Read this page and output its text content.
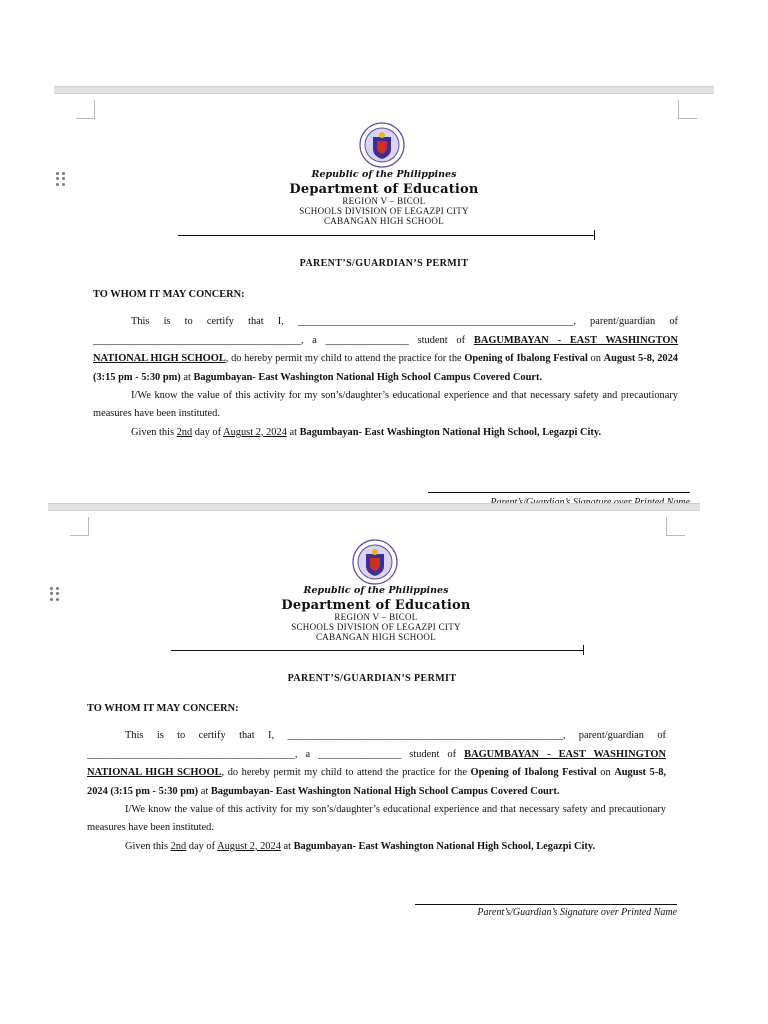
Republic of the Philippines
Department of Education
REGION V – BICOL
SCHOOLS DIVISION OF LEGAZPI CITY
CABANGAN HIGH SCHOOL
PARENT’S/GUARDIAN’S PERMIT

TO WHOM IT MAY CONCERN:

This is to certify that I, _____________________________________________________, parent/guardian of ________________________________________, a ________________ student of BAGUMBAYAN - EAST WASHINGTON NATIONAL HIGH SCHOOL, do hereby permit my child to attend the practice for the Opening of Ibalong Festival on August 5-8, 2024 (3:15 pm - 5:30 pm) at Bagumbayan- East Washington National High School Campus Covered Court.

I/We know the value of this activity for my son’s/daughter’s educational experience and that necessary safety and precautionary measures have been instituted.

Given this 2nd day of August 2, 2024 at Bagumbayan- East Washington National High School, Legazpi City.

Republic of the Philippines
Department of Education
REGION V – BICOL
SCHOOLS DIVISION OF LEGAZPI CITY
CABANGAN HIGH SCHOOL
PARENT’S/GUARDIAN’S PERMIT

TO WHOM IT MAY CONCERN:

This is to certify that I, _____________________________________________________, parent/guardian of ________________________________________, a ________________ student of BAGUMBAYAN - EAST WASHINGTON NATIONAL HIGH SCHOOL, do hereby permit my child to attend the practice for the Opening of Ibalong Festival on August 5-8, 2024 (3:15 pm - 5:30 pm) at Bagumbayan- East Washington National High School Campus Covered Court.

I/We know the value of this activity for my son’s/daughter’s educational experience and that necessary safety and precautionary measures have been instituted.

Given this 2nd day of August 2, 2024 at Bagumbayan- East Washington National High School, Legazpi City.

Parent’s/Guardian’s Signature over Printed Name
